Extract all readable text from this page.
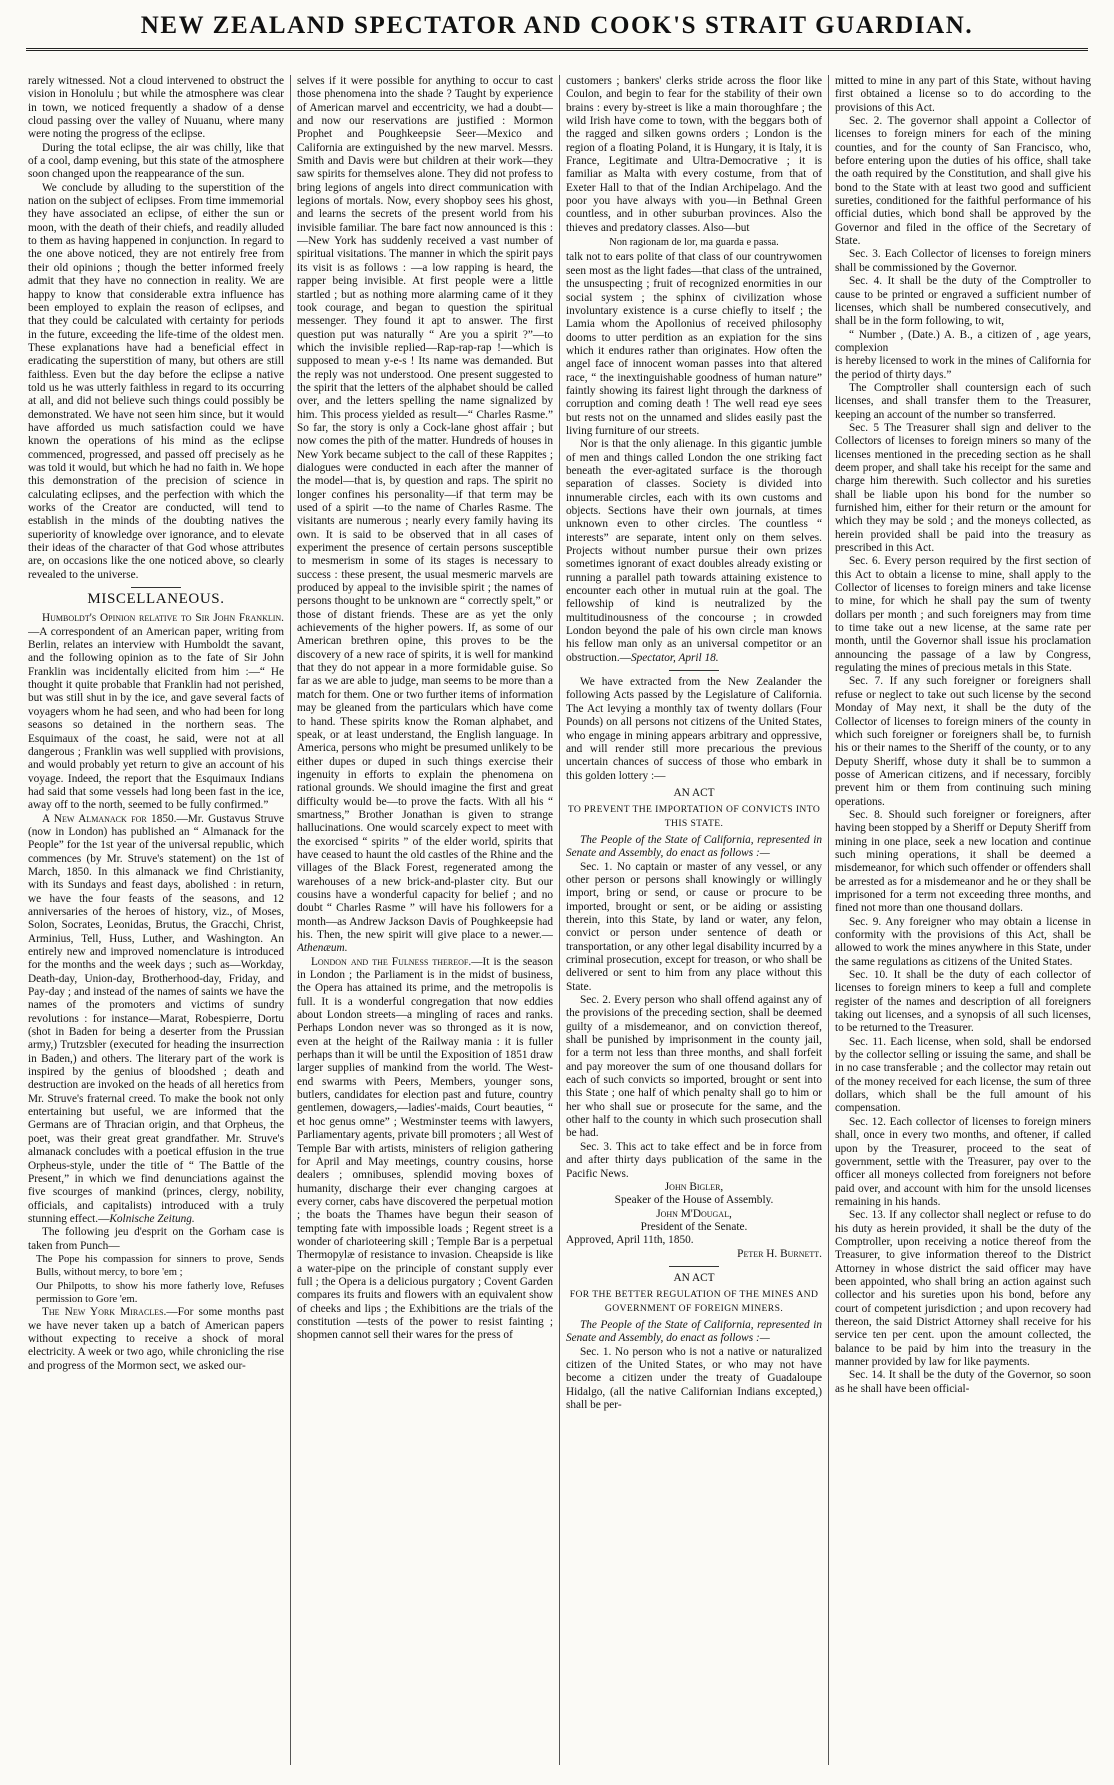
NEW ZEALAND SPECTATOR AND COOK'S STRAIT GUARDIAN.

rarely witnessed. Not a cloud intervened to obstruct the vision in Honolulu ; but while the atmosphere was clear in town, we noticed frequently a shadow of a dense cloud passing over the valley of Nuuanu, where many were noting the progress of the eclipse.

During the total eclipse, the air was chilly, like that of a cool, damp evening, but this state of the atmosphere soon changed upon the reappearance of the sun.

We conclude by alluding to the superstition of the nation on the subject of eclipses. From time immemorial they have associated an eclipse, of either the sun or moon, with the death of their chiefs, and readily alluded to them as having happened in conjunction. In regard to the one above noticed, they are not entirely free from their old opinions ; though the better informed freely admit that they have no connection in reality. We are happy to know that considerable extra influence has been employed to explain the reason of eclipses, and that they could be calculated with certainty for periods in the future, exceeding the life-time of the oldest men. These explanations have had a beneficial effect in eradicating the superstition of many, but others are still faithless. Even but the day before the eclipse a native told us he was utterly faithless in regard to its occurring at all, and did not believe such things could possibly be demonstrated. We have not seen him since, but it would have afforded us much satisfaction could we have known the operations of his mind as the eclipse commenced, progressed, and passed off precisely as he was told it would, but which he had no faith in. We hope this demonstration of the precision of science in calculating eclipses, and the perfection with which the works of the Creator are conducted, will tend to establish in the minds of the doubting natives the superiority of knowledge over ignorance, and to elevate their ideas of the character of that God whose attributes are, on occasions like the one noticed above, so clearly revealed to the universe.

MISCELLANEOUS.

Humboldt's Opinion relative to Sir John Franklin.—A correspondent of an American paper, writing from Berlin, relates an interview with Humboldt the savant, and the following opinion as to the fate of Sir John Franklin was incidentally elicited from him :—“ He thought it quite probable that Franklin had not perished, but was still shut in by the ice, and gave several facts of voyagers whom he had seen, and who had been for long seasons so detained in the northern seas. The Esquimaux of the coast, he said, were not at all dangerous ; Franklin was well supplied with provisions, and would probably yet return to give an account of his voyage. Indeed, the report that the Esquimaux Indians had said that some vessels had long been fast in the ice, away off to the north, seemed to be fully confirmed.”

A New Almanack for 1850.—Mr. Gustavus Struve (now in London) has published an “ Almanack for the People” for the 1st year of the universal republic, which commences (by Mr. Struve's statement) on the 1st of March, 1850. In this almanack we find Christianity, with its Sundays and feast days, abolished : in return, we have the four feasts of the seasons, and 12 anniversaries of the heroes of history, viz., of Moses, Solon, Socrates, Leonidas, Brutus, the Gracchi, Christ, Arminius, Tell, Huss, Luther, and Washington. An entirely new and improved nomenclature is introduced for the months and the week days ; such as—Workday, Death-day, Union-day, Brotherhood-day, Friday, and Pay-day ; and instead of the names of saints we have the names of the promoters and victims of sundry revolutions : for instance—Marat, Robespierre, Dortu (shot in Baden for being a deserter from the Prussian army,) Trutzsbler (executed for heading the insurrection in Baden,) and others. The literary part of the work is inspired by the genius of bloodshed ; death and destruction are invoked on the heads of all heretics from Mr. Struve's fraternal creed. To make the book not only entertaining but useful, we are informed that the Germans are of Thracian origin, and that Orpheus, the poet, was their great great grandfather. Mr. Struve's almanack concludes with a poetical effusion in the true Orpheus-style, under the title of “ The Battle of the Present,” in which we find denunciations against the five scourges of mankind (princes, clergy, nobility, officials, and capitalists) introduced with a truly stunning effect.—Kolnische Zeitung.

The following jeu d'esprit on the Gorham case is taken from Punch—

The Pope his compassion for sinners to prove, Sends Bulls, without mercy, to bore 'em ;

Our Philpotts, to show his more fatherly love, Refuses permission to Gore 'em.

The New York Miracles.—For some months past we have never taken up a batch of American papers without expecting to receive a shock of moral electricity. A week or two ago, while chronicling the rise and progress of the Mormon sect, we asked our-

selves if it were possible for anything to occur to cast those phenomena into the shade ? Taught by experience of American marvel and eccentricity, we had a doubt—and now our reservations are justified : Mormon Prophet and Poughkeepsie Seer—Mexico and California are extinguished by the new marvel. Messrs. Smith and Davis were but children at their work—they saw spirits for themselves alone. They did not profess to bring legions of angels into direct communication with legions of mortals. Now, every shopboy sees his ghost, and learns the secrets of the present world from his invisible familiar. The bare fact now announced is this : —New York has suddenly received a vast number of spiritual visitations. The manner in which the spirit pays its visit is as follows : —a low rapping is heard, the rapper being invisible. At first people were a little startled ; but as nothing more alarming came of it they took courage, and began to question the spiritual messenger. They found it apt to answer. The first question put was naturally “ Are you a spirit ?”—to which the invisible replied—Rap-rap-rap !—which is supposed to mean y-e-s ! Its name was demanded. But the reply was not understood. One present suggested to the spirit that the letters of the alphabet should be called over, and the letters spelling the name signalized by him. This process yielded as result—“ Charles Rasme.” So far, the story is only a Cock-lane ghost affair ; but now comes the pith of the matter. Hundreds of houses in New York became subject to the call of these Rappites ; dialogues were conducted in each after the manner of the model—that is, by question and raps. The spirit no longer confines his personality—if that term may be used of a spirit —to the name of Charles Rasme. The visitants are numerous ; nearly every family having its own. It is said to be observed that in all cases of experiment the presence of certain persons susceptible to mesmerism in some of its stages is necessary to success : these present, the usual mesmeric marvels are produced by appeal to the invisible spirit ; the names of persons thought to be unknown are “ correctly spelt,” or those of distant friends. These are as yet the only achievements of the higher powers. If, as some of our American brethren opine, this proves to be the discovery of a new race of spirits, it is well for mankind that they do not appear in a more formidable guise. So far as we are able to judge, man seems to be more than a match for them. One or two further items of information may be gleaned from the particulars which have come to hand. These spirits know the Roman alphabet, and speak, or at least understand, the English language. In America, persons who might be presumed unlikely to be either dupes or duped in such things exercise their ingenuity in efforts to explain the phenomena on rational grounds. We should imagine the first and great difficulty would be—to prove the facts. With all his “ smartness,” Brother Jonathan is given to strange hallucinations. One would scarcely expect to meet with the exorcised “ spirits ” of the elder world, spirits that have ceased to haunt the old castles of the Rhine and the villages of the Black Forest, regenerated among the warehouses of a new brick-and-plaster city. But our cousins have a wonderful capacity for belief ; and no doubt “ Charles Rasme ” will have his followers for a month—as Andrew Jackson Davis of Poughkeepsie had his. Then, the new spirit will give place to a newer.—Athenæum.

London and the Fulness thereof.—It is the season in London ; the Parliament is in the midst of business, the Opera has attained its prime, and the metropolis is full. It is a wonderful congregation that now eddies about London streets—a mingling of races and ranks. Perhaps London never was so thronged as it is now, even at the height of the Railway mania : it is fuller perhaps than it will be until the Exposition of 1851 draw larger supplies of mankind from the world. The West-end swarms with Peers, Members, younger sons, butlers, candidates for election past and future, country gentlemen, dowagers,—ladies'-maids, Court beauties, “ et hoc genus omne” ; Westminster teems with lawyers, Parliamentary agents, private bill promoters ; all West of Temple Bar with artists, ministers of religion gathering for April and May meetings, country cousins, horse dealers ; omnibuses, splendid moving boxes of humanity, discharge their ever changing cargoes at every corner, cabs have discovered the perpetual motion ; the boats the Thames have begun their season of tempting fate with impossible loads ; Regent street is a wonder of charioteering skill ; Temple Bar is a perpetual Thermopylæ of resistance to invasion. Cheapside is like a water-pipe on the principle of constant supply ever full ; the Opera is a delicious purgatory ; Covent Garden compares its fruits and flowers with an equivalent show of cheeks and lips ; the Exhibitions are the trials of the constitution —tests of the power to resist fainting ; shopmen cannot sell their wares for the press of

customers ; bankers' clerks stride across the floor like Coulon, and begin to fear for the stability of their own brains : every by-street is like a main thoroughfare ; the wild Irish have come to town, with the beggars both of the ragged and silken gowns orders ; London is the region of a floating Poland, it is Hungary, it is Italy, it is France, Legitimate and Ultra-Democrative ; it is familiar as Malta with every costume, from that of Exeter Hall to that of the Indian Archipelago. And the poor you have always with you—in Bethnal Green countless, and in other suburban provinces. Also the thieves and predatory classes. Also—but

Non ragionam de lor, ma guarda e passa.

talk not to ears polite of that class of our countrywomen seen most as the light fades—that class of the untrained, the unsuspecting ; fruit of recognized enormities in our social system ; the sphinx of civilization whose involuntary existence is a curse chiefly to itself ; the Lamia whom the Apollonius of received philosophy dooms to utter perdition as an expiation for the sins which it endures rather than originates. How often the angel face of innocent woman passes into that altered race, “ the inextinguishable goodness of human nature” faintly showing its fairest light through the darkness of corruption and coming death ! The well read eye sees but rests not on the unnamed and slides easily past the living furniture of our streets.

Nor is that the only alienage. In this gigantic jumble of men and things called London the one striking fact beneath the ever-agitated surface is the thorough separation of classes. Society is divided into innumerable circles, each with its own customs and objects. Sections have their own journals, at times unknown even to other circles. The countless “ interests” are separate, intent only on them selves. Projects without number pursue their own prizes sometimes ignorant of exact doubles already existing or running a parallel path towards attaining existence to encounter each other in mutual ruin at the goal. The fellowship of kind is neutralized by the multitudinousness of the concourse ; in crowded London beyond the pale of his own circle man knows his fellow man only as an universal competitor or an obstruction.—Spectator, April 18.

We have extracted from the New Zealander the following Acts passed by the Legislature of California. The Act levying a monthly tax of twenty dollars (Four Pounds) on all persons not citizens of the United States, who engage in mining appears arbitrary and oppressive, and will render still more precarious the previous uncertain chances of success of those who embark in this golden lottery :—

AN ACT
TO PREVENT THE IMPORTATION OF CONVICTS INTO THIS STATE.

The People of the State of California, represented in Senate and Assembly, do enact as follows :—

Sec. 1. No captain or master of any vessel, or any other person or persons shall knowingly or willingly import, bring or send, or cause or procure to be imported, brought or sent, or be aiding or assisting therein, into this State, by land or water, any felon, convict or person under sentence of death or transportation, or any other legal disability incurred by a criminal prosecution, except for treason, or who shall be delivered or sent to him from any place without this State.

Sec. 2. Every person who shall offend against any of the provisions of the preceding section, shall be deemed guilty of a misdemeanor, and on conviction thereof, shall be punished by imprisonment in the county jail, for a term not less than three months, and shall forfeit and pay moreover the sum of one thousand dollars for each of such convicts so imported, brought or sent into this State ; one half of which penalty shall go to him or her who shall sue or prosecute for the same, and the other half to the county in which such prosecution shall be had.

Sec. 3. This act to take effect and be in force from and after thirty days publication of the same in the Pacific News.

John Bigler,

Speaker of the House of Assembly.

John M'Dougal,

President of the Senate.

Approved, April 11th, 1850.

Peter H. Burnett.

AN ACT
FOR THE BETTER REGULATION OF THE MINES AND GOVERNMENT OF FOREIGN MINERS.

The People of the State of California, represented in Senate and Assembly, do enact as follows :—

Sec. 1. No person who is not a native or naturalized citizen of the United States, or who may not have become a citizen under the treaty of Guadaloupe Hidalgo, (all the native Californian Indians excepted,) shall be per-

mitted to mine in any part of this State, without having first obtained a license so to do according to the provisions of this Act.

Sec. 2. The governor shall appoint a Collector of licenses to foreign miners for each of the mining counties, and for the county of San Francisco, who, before entering upon the duties of his office, shall take the oath required by the Constitution, and shall give his bond to the State with at least two good and sufficient sureties, conditioned for the faithful performance of his official duties, which bond shall be approved by the Governor and filed in the office of the Secretary of State.

Sec. 3. Each Collector of licenses to foreign miners shall be commissioned by the Governor.

Sec. 4. It shall be the duty of the Comptroller to cause to be printed or engraved a sufficient number of licenses, which shall be numbered consecutively, and shall be in the form following, to wit,

“ Number , (Date.) A. B., a citizen of , age years, complexion

is hereby licensed to work in the mines of California for the period of thirty days.”

The Comptroller shall countersign each of such licenses, and shall transfer them to the Treasurer, keeping an account of the number so transferred.

Sec. 5 The Treasurer shall sign and deliver to the Collectors of licenses to foreign miners so many of the licenses mentioned in the preceding section as he shall deem proper, and shall take his receipt for the same and charge him therewith. Such collector and his sureties shall be liable upon his bond for the number so furnished him, either for their return or the amount for which they may be sold ; and the moneys collected, as herein provided shall be paid into the treasury as prescribed in this Act.

Sec. 6. Every person required by the first section of this Act to obtain a license to mine, shall apply to the Collector of licenses to foreign miners and take license to mine, for which he shall pay the sum of twenty dollars per month ; and such foreigners may from time to time take out a new license, at the same rate per month, until the Governor shall issue his proclamation announcing the passage of a law by Congress, regulating the mines of precious metals in this State.

Sec. 7. If any such foreigner or foreigners shall refuse or neglect to take out such license by the second Monday of May next, it shall be the duty of the Collector of licenses to foreign miners of the county in which such foreigner or foreigners shall be, to furnish his or their names to the Sheriff of the county, or to any Deputy Sheriff, whose duty it shall be to summon a posse of American citizens, and if necessary, forcibly prevent him or them from continuing such mining operations.

Sec. 8. Should such foreigner or foreigners, after having been stopped by a Sheriff or Deputy Sheriff from mining in one place, seek a new location and continue such mining operations, it shall be deemed a misdemeanor, for which such offender or offenders shall be arrested as for a misdemeanor and he or they shall be imprisoned for a term not exceeding three months, and fined not more than one thousand dollars.

Sec. 9. Any foreigner who may obtain a license in conformity with the provisions of this Act, shall be allowed to work the mines anywhere in this State, under the same regulations as citizens of the United States.

Sec. 10. It shall be the duty of each collector of licenses to foreign miners to keep a full and complete register of the names and description of all foreigners taking out licenses, and a synopsis of all such licenses, to be returned to the Treasurer.

Sec. 11. Each license, when sold, shall be endorsed by the collector selling or issuing the same, and shall be in no case transferable ; and the collector may retain out of the money received for each license, the sum of three dollars, which shall be the full amount of his compensation.

Sec. 12. Each collector of licenses to foreign miners shall, once in every two months, and oftener, if called upon by the Treasurer, proceed to the seat of government, settle with the Treasurer, pay over to the officer all moneys collected from foreigners not before paid over, and account with him for the unsold licenses remaining in his hands.

Sec. 13. If any collector shall neglect or refuse to do his duty as herein provided, it shall be the duty of the Comptroller, upon receiving a notice thereof from the Treasurer, to give information thereof to the District Attorney in whose district the said officer may have been appointed, who shall bring an action against such collector and his sureties upon his bond, before any court of competent jurisdiction ; and upon recovery had thereon, the said District Attorney shall receive for his service ten per cent. upon the amount collected, the balance to be paid by him into the treasury in the manner provided by law for like payments.

Sec. 14. It shall be the duty of the Governor, so soon as he shall have been official-
